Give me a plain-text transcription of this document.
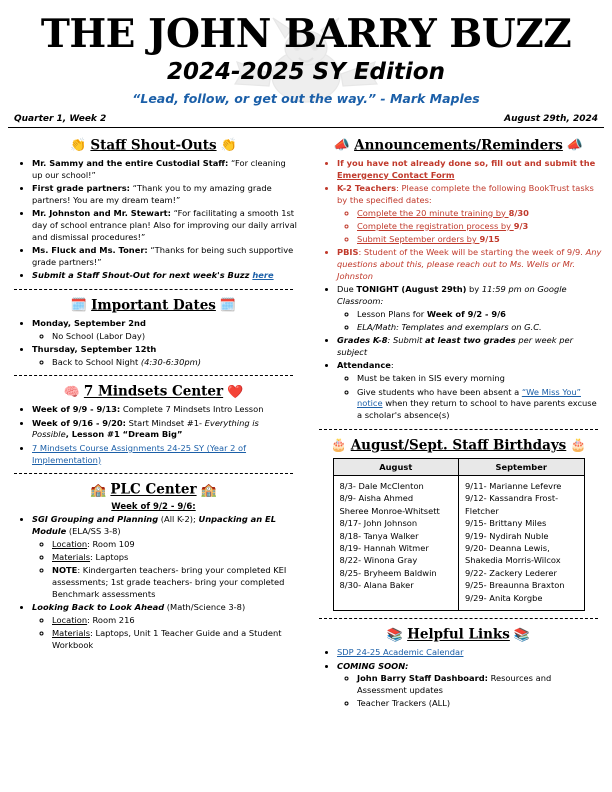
THE JOHN BARRY BUZZ
2024-2025 SY Edition
“Lead, follow, or get out the way.” - Mark Maples
Quarter 1, Week 2	August 29th, 2024
👏 Staff Shout-Outs 👏
• Mr. Sammy and the entire Custodial Staff: “For cleaning up our school!”
• First grade partners: “Thank you to my amazing grade partners! You are my dream team!”
• Mr. Johnston and Mr. Stewart: “For facilitating a smooth 1st day of school entrance plan! Also for improving our daily arrival and dismissal procedures!”
• Ms. Fluck and Ms. Toner: “Thanks for being such supportive grade partners!”
• Submit a Staff Shout-Out for next week's Buzz here
🗓️ Important Dates 🗓️
• Monday, September 2nd
◦ No School (Labor Day)
• Thursday, September 12th
◦ Back to School Night (4:30-6:30pm)
🧠 7 Mindsets Center ❤️
• Week of 9/9 - 9/13: Complete 7 Mindsets Intro Lesson
• Week of 9/16 - 9/20: Start Mindset #1- Everything is Possible, Lesson #1 “Dream Big”
• 7 Mindsets Course Assignments 24-25 SY (Year 2 of Implementation)
🏫 PLC Center 🏫
Week of 9/2 - 9/6:
• SGI Grouping and Planning (All K-2); Unpacking an EL Module (ELA/SS 3-8)
◦ Location: Room 109
◦ Materials: Laptops
◦ NOTE: Kindergarten teachers- bring your completed KEI assessments; 1st grade teachers- bring your completed Benchmark assessments
• Looking Back to Look Ahead (Math/Science 3-8)
◦ Location: Room 216
◦ Materials: Laptops, Unit 1 Teacher Guide and a Student Workbook
📣 Announcements/Reminders 📣
• If you have not already done so, fill out and submit the Emergency Contact Form
• K-2 Teachers: Please complete the following BookTrust tasks by the specified dates:
◦ Complete the 20 minute training by 8/30
◦ Complete the registration process by 9/3
◦ Submit September orders by 9/15
• PBIS: Student of the Week will be starting the week of 9/9. Any questions about this, please reach out to Ms. Wells or Mr. Johnston
• Due TONIGHT (August 29th) by 11:59 pm on Google Classroom:
◦ Lesson Plans for Week of 9/2 - 9/6
◦ ELA/Math: Templates and exemplars on G.C.
• Grades K-8: Submit at least two grades per week per subject
• Attendance:
◦ Must be taken in SIS every morning
◦ Give students who have been absent a “We Miss You” notice when they return to school to have parents excuse a scholar's absence(s)
🎂 August/Sept. Staff Birthdays 🎂
August	September

8/3- Dale McClenton
8/9- Aisha Ahmed
Sheree Monroe-Whitsett
8/17- John Johnson
8/18- Tanya Walker
8/19- Hannah Witmer
8/22- Winona Gray
8/25- Bryheem Baldwin
8/30- Alana Baker

9/11- Marianne Lefevre
9/12- Kassandra Frost-Fletcher
9/15- Brittany Miles
9/19- Nydirah Nuble
9/20- Deanna Lewis,
Shakedia Morris-Wilcox
9/22- Zackery Lederer
9/25- Breaunna Braxton
9/29- Anita Korgbe
📚 Helpful Links 📚
• SDP 24-25 Academic Calendar
• COMING SOON:
◦ John Barry Staff Dashboard: Resources and Assessment updates
◦ Teacher Trackers (ALL)
